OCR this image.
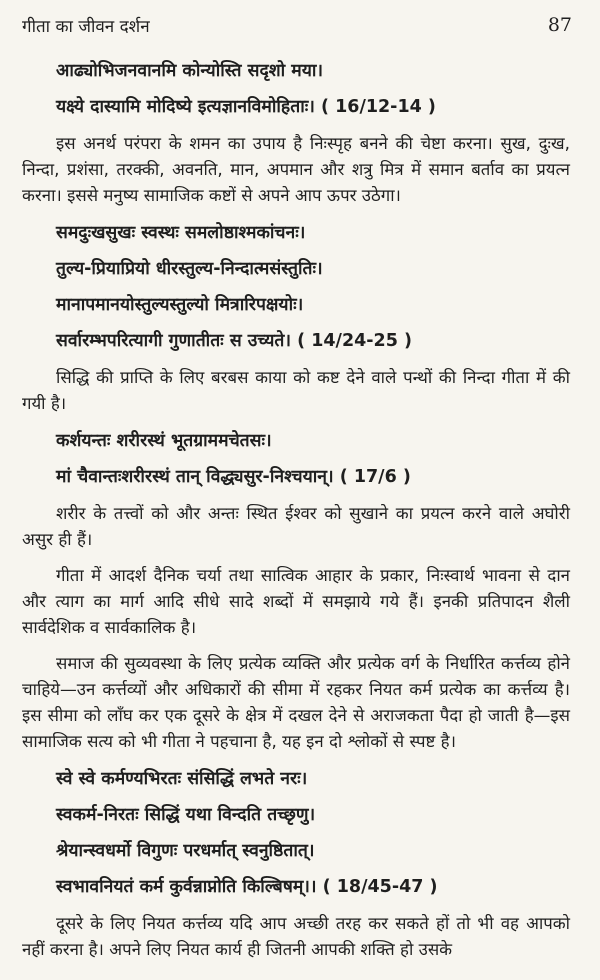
गीता का जीवन दर्शन	87
आढ्योभिजनवानमि कोन्योस्ति सदृशो मया।
यक्ष्ये दास्यामि मोदिष्ये इत्यज्ञानविमोहिताः। ( 16/12-14 )

इस अनर्थ परंपरा के शमन का उपाय है निःस्पृह बनने की चेष्टा करना। सुख, दुःख, निन्दा, प्रशंसा, तरक्की, अवनति, मान, अपमान और शत्रु मित्र में समान बर्ताव का प्रयत्न करना। इससे मनुष्य सामाजिक कष्टों से अपने आप ऊपर उठेगा।

समदुःखसुखः स्वस्थः समलोष्ठाश्मकांचनः।
तुल्य-प्रियाप्रियो धीरस्तुल्य-निन्दात्मसंस्तुतिः।
मानापमानयोस्तुल्यस्तुल्यो मित्रारिपक्षयोः।
सर्वारम्भपरित्यागी गुणातीतः स उच्यते। ( 14/24-25 )

सिद्धि की प्राप्ति के लिए बरबस काया को कष्ट देने वाले पन्थों की निन्दा गीता में की गयी है।

कर्शयन्तः शरीरस्थं भूतग्राममचेतसः।
मां चैवान्तःशरीरस्थं तान् विद्ध्यसुर-निश्चयान्। ( 17/6 )

शरीर के तत्त्वों को और अन्तः स्थित ईश्वर को सुखाने का प्रयत्न करने वाले अघोरी असुर ही हैं।

गीता में आदर्श दैनिक चर्या तथा सात्विक आहार के प्रकार, निःस्वार्थ भावना से दान और त्याग का मार्ग आदि सीधे सादे शब्दों में समझाये गये हैं। इनकी प्रतिपादन शैली सार्वदेशिक व सार्वकालिक है।

समाज की सुव्यवस्था के लिए प्रत्येक व्यक्ति और प्रत्येक वर्ग के निर्धारित कर्त्तव्य होने चाहिये—उन कर्त्तव्यों और अधिकारों की सीमा में रहकर नियत कर्म प्रत्येक का कर्त्तव्य है। इस सीमा को लाँघ कर एक दूसरे के क्षेत्र में दखल देने से अराजकता पैदा हो जाती है—इस सामाजिक सत्य को भी गीता ने पहचाना है, यह इन दो श्लोकों से स्पष्ट है।

स्वे स्वे कर्मण्यभिरतः संसिद्धिं लभते नरः।
स्वकर्म-निरतः सिद्धिं यथा विन्दति तच्छृणु।
श्रेयान्स्वधर्मो विगुणः परधर्मात् स्वनुष्ठितात्।
स्वभावनियतं कर्म कुर्वन्नाप्नोति किल्बिषम्।। ( 18/45-47 )

दूसरे के लिए नियत कर्त्तव्य यदि आप अच्छी तरह कर सकते हों तो भी वह आपको नहीं करना है। अपने लिए नियत कार्य ही जितनी आपकी शक्ति हो उसके
